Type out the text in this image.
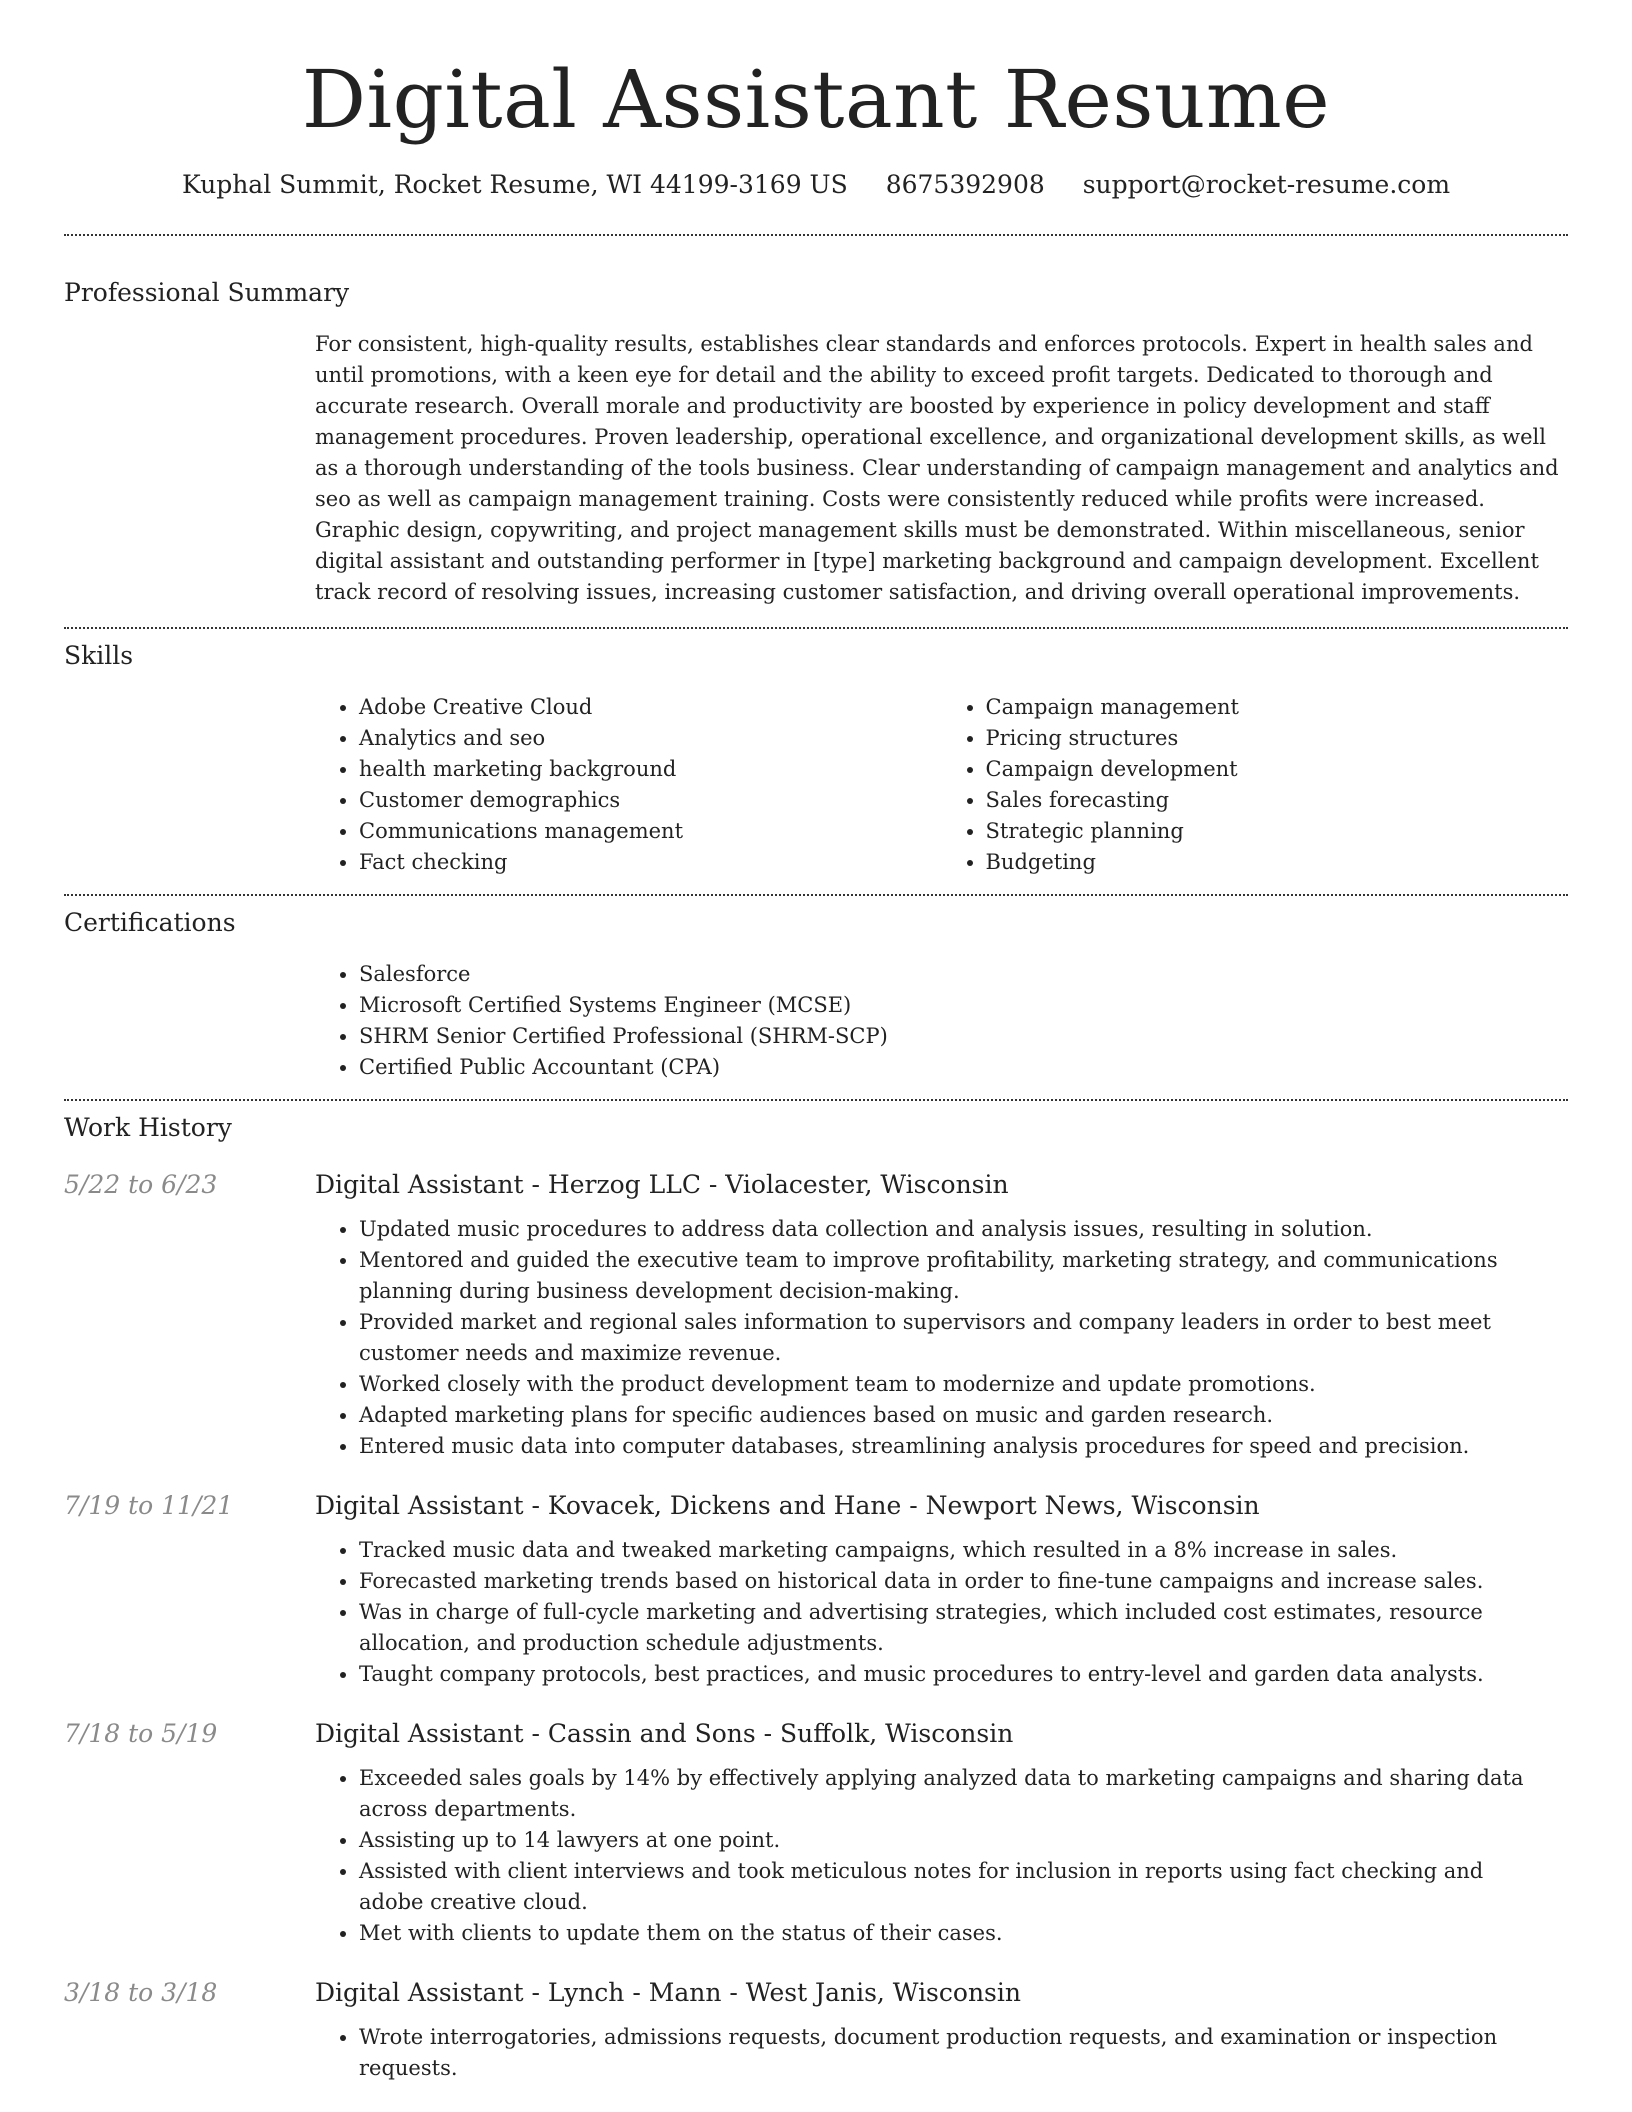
Digital Assistant Resume
Kuphal Summit, Rocket Resume, WI 44199-3169 US 8675392908 support@rocket-resume.com
Professional Summary

For consistent, high-quality results, establishes clear standards and enforces protocols. Expert in health sales and until promotions, with a keen eye for detail and the ability to exceed profit targets. Dedicated to thorough and accurate research. Overall morale and productivity are boosted by experience in policy development and staff management procedures. Proven leadership, operational excellence, and organizational development skills, as well as a thorough understanding of the tools business. Clear understanding of campaign management and analytics and seo as well as campaign management training. Costs were consistently reduced while profits were increased. Graphic design, copywriting, and project management skills must be demonstrated. Within miscellaneous, senior digital assistant and outstanding performer in [type] marketing background and campaign development. Excellent track record of resolving issues, increasing customer satisfaction, and driving overall operational improvements.

Skills
• Adobe Creative Cloud
• Analytics and seo
• health marketing background
• Customer demographics
• Communications management
• Fact checking
• Campaign management
• Pricing structures
• Campaign development
• Sales forecasting
• Strategic planning
• Budgeting
Certifications
• Salesforce
• Microsoft Certified Systems Engineer (MCSE)
• SHRM Senior Certified Professional (SHRM-SCP)
• Certified Public Accountant (CPA)
Work History
5/22 to 6/23	Digital Assistant - Herzog LLC - Violacester, Wisconsin
• Updated music procedures to address data collection and analysis issues, resulting in solution.
• Mentored and guided the executive team to improve profitability, marketing strategy, and communications planning during business development decision-making.
• Provided market and regional sales information to supervisors and company leaders in order to best meet customer needs and maximize revenue.
• Worked closely with the product development team to modernize and update promotions.
• Adapted marketing plans for specific audiences based on music and garden research.
• Entered music data into computer databases, streamlining analysis procedures for speed and precision.
7/19 to 11/21	Digital Assistant - Kovacek, Dickens and Hane - Newport News, Wisconsin
• Tracked music data and tweaked marketing campaigns, which resulted in a 8% increase in sales.
• Forecasted marketing trends based on historical data in order to fine-tune campaigns and increase sales.
• Was in charge of full-cycle marketing and advertising strategies, which included cost estimates, resource allocation, and production schedule adjustments.
• Taught company protocols, best practices, and music procedures to entry-level and garden data analysts.
7/18 to 5/19	Digital Assistant - Cassin and Sons - Suffolk, Wisconsin
• Exceeded sales goals by 14% by effectively applying analyzed data to marketing campaigns and sharing data across departments.
• Assisting up to 14 lawyers at one point.
• Assisted with client interviews and took meticulous notes for inclusion in reports using fact checking and adobe creative cloud.
• Met with clients to update them on the status of their cases.
3/18 to 3/18	Digital Assistant - Lynch - Mann - West Janis, Wisconsin
• Wrote interrogatories, admissions requests, document production requests, and examination or inspection requests.
